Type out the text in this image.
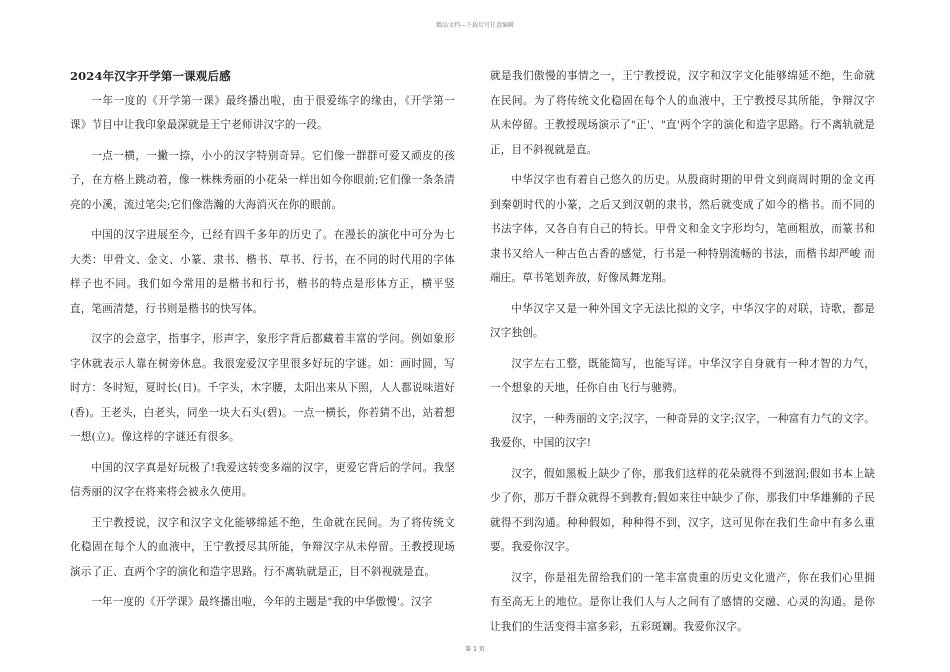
精品文档---下载后可任意编辑
2024年汉字开学第一课观后感

一年一度的《开学第一课》最终播出啦，由于很爱练字的缘由，《开学第一课》节目中让我印象最深就是王宁老师讲汉字的一段。

一点一横，一撇一捺，小小的汉字特别奇异。它们像一群群可爱又顽皮的孩子，在方格上跳动着，像一株株秀丽的小花朵一样出如今你眼前;它们像一条条清亮的小溪，流过笔尖;它们像浩瀚的大海消灭在你的眼前。

中国的汉字进展至今，已经有四千多年的历史了。在漫长的演化中可分为七大类：甲骨文、金文、小篆、隶书、楷书、草书、行书，在不同的时代用的字体样子也不同。我们如今常用的是楷书和行书，楷书的特点是形体方正，横平竖直，笔画清楚，行书则是楷书的快写体。

汉字的会意字，指事字，形声字，象形字背后都藏着丰富的学问。例如象形字休就表示人靠在树旁休息。我很宠爱汉字里很多好玩的字谜。如：画时圆，写时方：冬时短，夏时长(日)。千字头，木字腰，太阳出来从下照，人人都说味道好(香)。王老头，白老头，同坐一块大石头(碧)。一点一横长，你若猜不出，站着想一想(立)。像这样的字谜还有很多。

中国的汉字真是好玩极了!我爱这转变多端的汉字，更爱它背后的学问。我坚信秀丽的汉字在将来将会被永久使用。

王宁教授说，汉字和汉字文化能够绵延不绝，生命就在民间。为了将传统文化稳固在每个人的血液中，王宁教授尽其所能，争辩汉字从未停留。王教授现场演示了正、直两个字的演化和造字思路。行不离轨就是正，目不斜视就是直。

一年一度的《开学课》最终播出啦，今年的主题是"我的中华傲慢'。汉字

就是我们傲慢的事情之一，王宁教授说，汉字和汉字文化能够绵延不绝，生命就在民间。为了将传统文化稳固在每个人的血液中，王宁教授尽其所能，争辩汉字从未停留。王教授现场演示了"正'、"直'两个字的演化和造字思路。行不离轨就是正，目不斜视就是直。

中华汉字也有着自己悠久的历史。从殷商时期的甲骨文到商周时期的金文再到秦朝时代的小篆，之后又到汉朝的隶书，然后就变成了如今的楷书。而不同的书法字体，又各自有自己的特长。甲骨文和金文字形均匀，笔画粗放，而篆书和隶书又给人一种古色古香的感觉，行书是一种特别流畅的书法，而楷书却严峻 而端庄。草书笔划奔放，好像凤舞龙翔。

中华汉字又是一种外国文字无法比拟的文字，中华汉字的对联，诗歌，都是汉字独创。

汉字左右工整，既能简写，也能写详。中华汉字自身就有一种才智的力气，一个想象的天地，任你自由飞行与驰骋。

汉字，一种秀丽的文字;汉字，一种奇异的文字;汉字，一种富有力气的文字。我爱你，中国的汉字!

汉字，假如黑板上缺少了你，那我们这样的花朵就得不到滋润;假如书本上缺少了你，那万千群众就得不到教育;假如来往中缺少了你，那我们中华雄狮的子民就得不到沟通。种种假如，种种得不到，汉字，这可见你在我们生命中有多么重要。我爱你汉字。

汉字，你是祖先留给我们的一笔丰富贵重的历史文化遗产，你在我们心里拥有至高无上的地位。是你让我们人与人之间有了感情的交融、心灵的沟通。是你让我们的生活变得丰富多彩，五彩斑斓。我爱你汉字。

第 1 页
